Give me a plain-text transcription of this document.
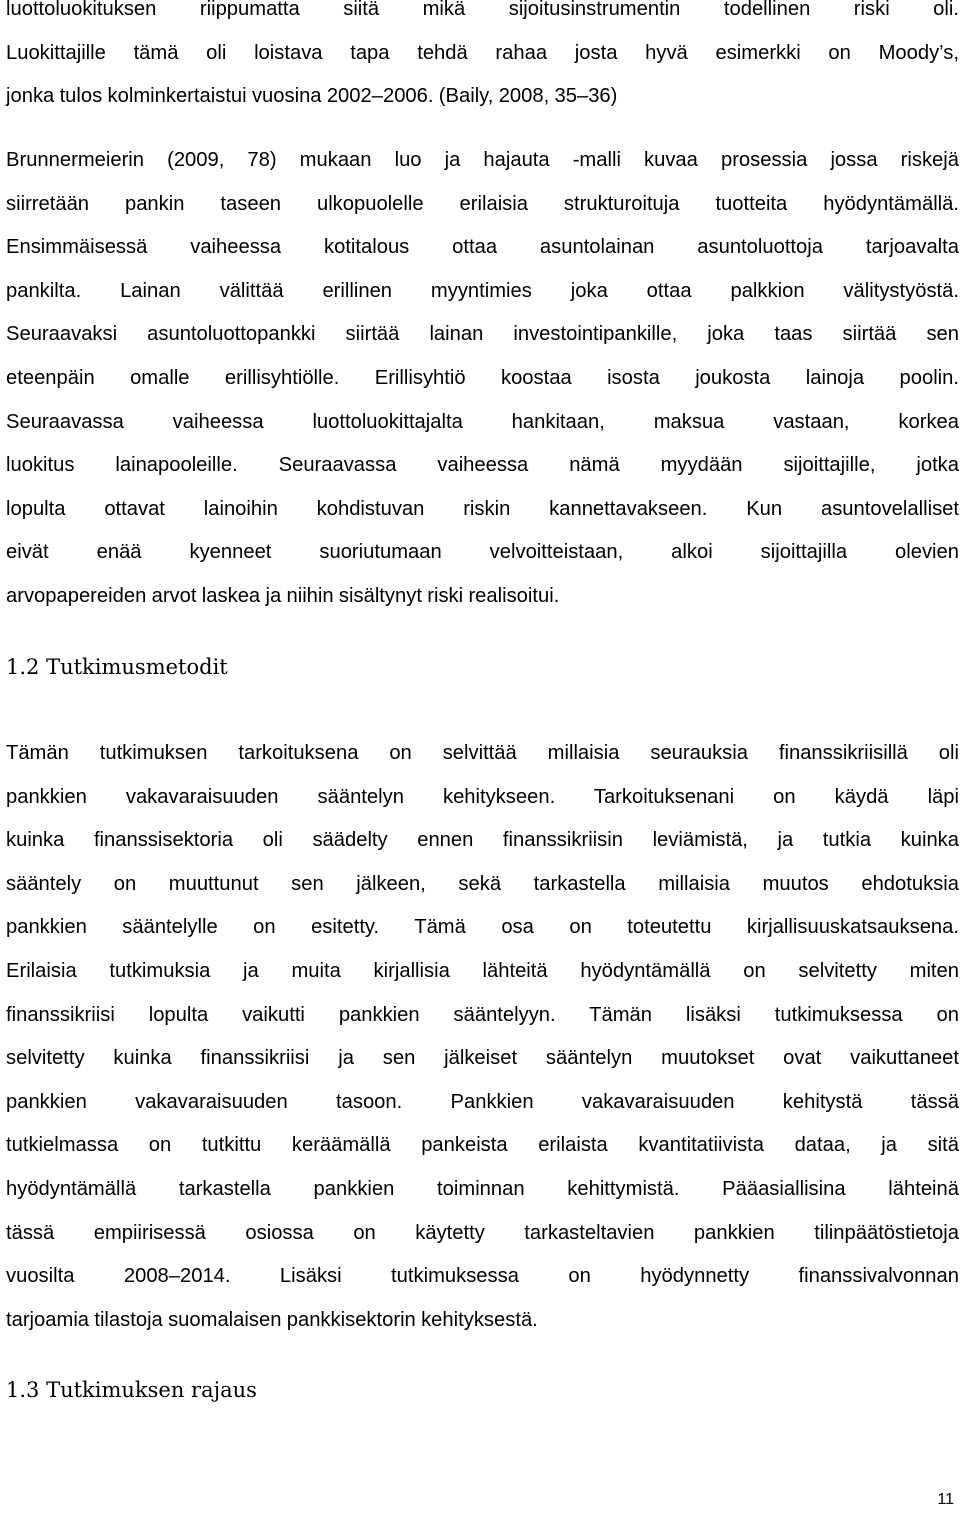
luottoluokituksen riippumatta siitä mikä sijoitusinstrumentin todellinen riski oli.
Luokittajille tämä oli loistava tapa tehdä rahaa josta hyvä esimerkki on Moody’s,
jonka tulos kolminkertaistui vuosina 2002–2006. (Baily, 2008, 35–36)

Brunnermeierin (2009, 78) mukaan luo ja hajauta -malli kuvaa prosessia jossa riskejä
siirretään pankin taseen ulkopuolelle erilaisia strukturoituja tuotteita hyödyntämällä.
Ensimmäisessä vaiheessa kotitalous ottaa asuntolainan asuntoluottoja tarjoavalta
pankilta. Lainan välittää erillinen myyntimies joka ottaa palkkion välitystyöstä.
Seuraavaksi asuntoluottopankki siirtää lainan investointipankille, joka taas siirtää sen
eteenpäin omalle erillisyhtiölle. Erillisyhtiö koostaa isosta joukosta lainoja poolin.
Seuraavassa vaiheessa luottoluokittajalta hankitaan, maksua vastaan, korkea
luokitus lainapooleille. Seuraavassa vaiheessa nämä myydään sijoittajille, jotka
lopulta ottavat lainoihin kohdistuvan riskin kannettavakseen. Kun asuntovelalliset
eivät enää kyenneet suoriutumaan velvoitteistaan, alkoi sijoittajilla olevien
arvopapereiden arvot laskea ja niihin sisältynyt riski realisoitui.

1.2 Tutkimusmetodit

Tämän tutkimuksen tarkoituksena on selvittää millaisia seurauksia finanssikriisillä oli
pankkien vakavaraisuuden sääntelyn kehitykseen. Tarkoituksenani on käydä läpi
kuinka finanssisektoria oli säädelty ennen finanssikriisin leviämistä, ja tutkia kuinka
sääntely on muuttunut sen jälkeen, sekä tarkastella millaisia muutos ehdotuksia
pankkien sääntelylle on esitetty. Tämä osa on toteutettu kirjallisuuskatsauksena.
Erilaisia tutkimuksia ja muita kirjallisia lähteitä hyödyntämällä on selvitetty miten
finanssikriisi lopulta vaikutti pankkien sääntelyyn. Tämän lisäksi tutkimuksessa on
selvitetty kuinka finanssikriisi ja sen jälkeiset sääntelyn muutokset ovat vaikuttaneet
pankkien vakavaraisuuden tasoon. Pankkien vakavaraisuuden kehitystä tässä
tutkielmassa on tutkittu keräämällä pankeista erilaista kvantitatiivista dataa, ja sitä
hyödyntämällä tarkastella pankkien toiminnan kehittymistä. Pääasiallisina lähteinä
tässä empiirisessä osiossa on käytetty tarkasteltavien pankkien tilinpäätöstietoja
vuosilta 2008–2014. Lisäksi tutkimuksessa on hyödynnetty finanssivalvonnan
tarjoamia tilastoja suomalaisen pankkisektorin kehityksestä.

1.3 Tutkimuksen rajaus
11
